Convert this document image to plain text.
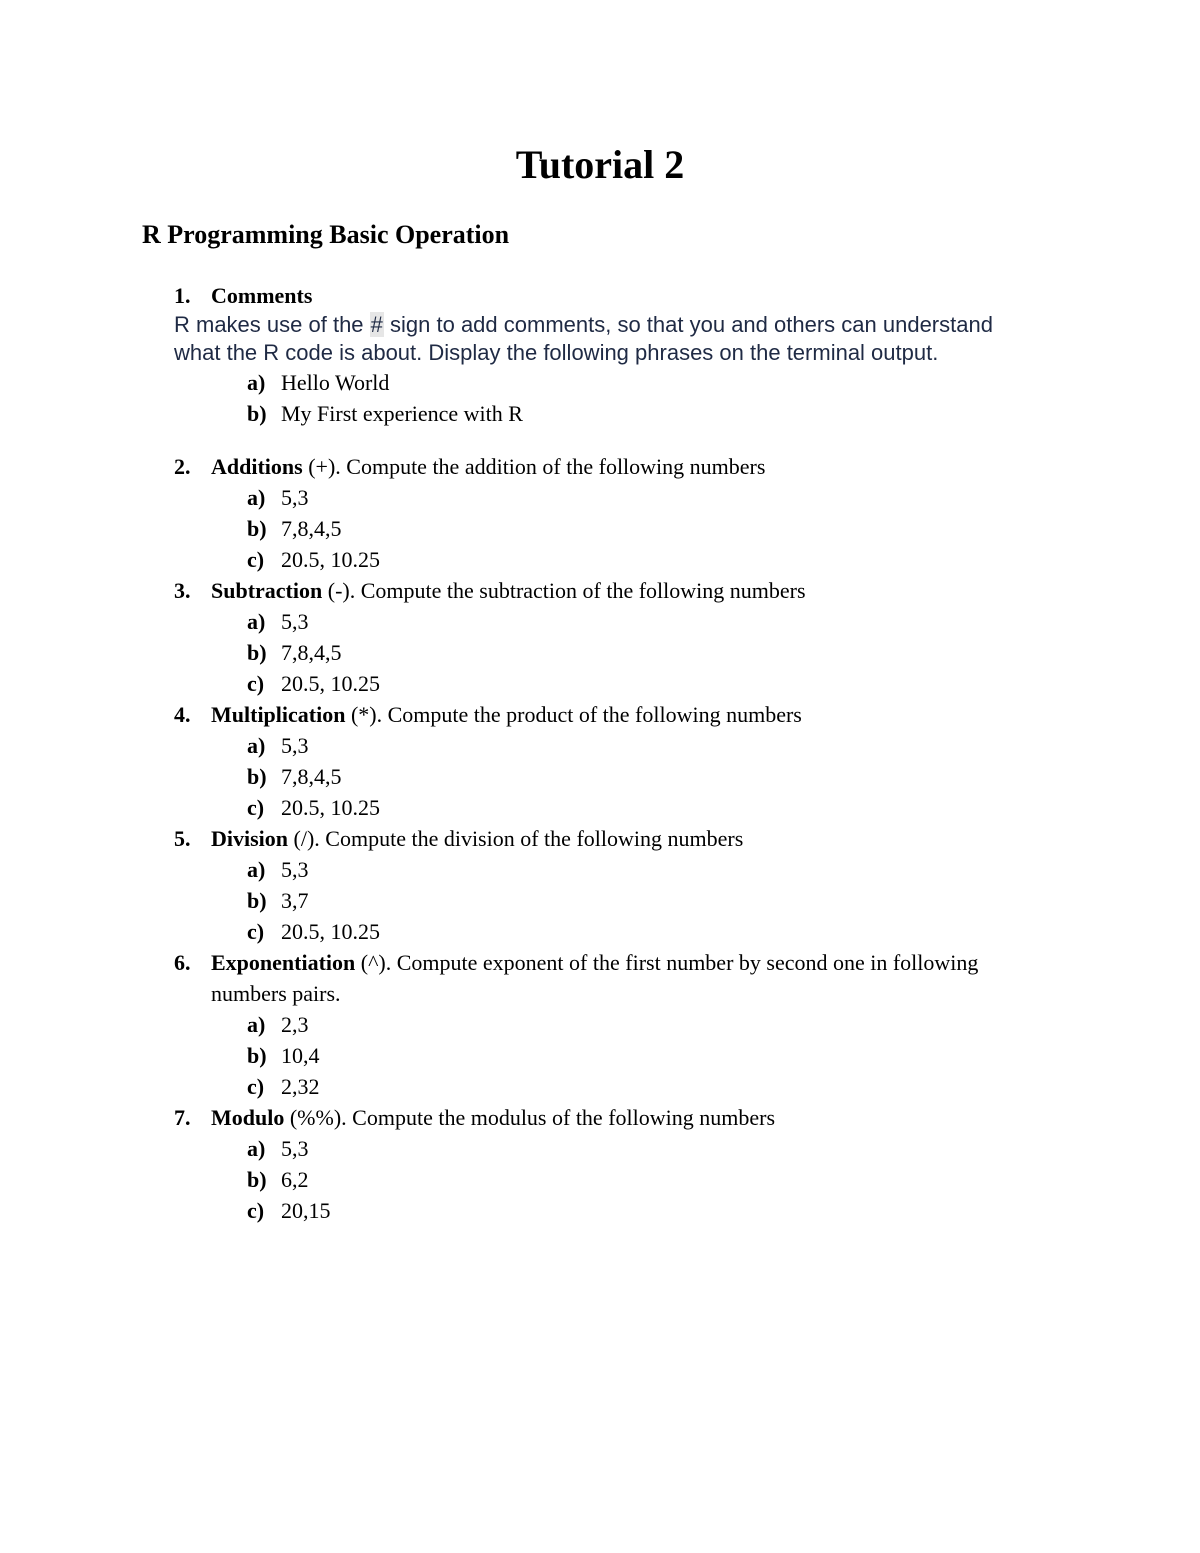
Tutorial 2
R Programming Basic Operation
1. Comments
R makes use of the # sign to add comments, so that you and others can understand
what the R code is about. Display the following phrases on the terminal output.
a) Hello World
b) My First experience with R
2. Additions (+). Compute the addition of the following numbers
a) 5,3
b) 7,8,4,5
c) 20.5, 10.25
3. Subtraction (-). Compute the subtraction of the following numbers
a) 5,3
b) 7,8,4,5
c) 20.5, 10.25
4. Multiplication (*). Compute the product of the following numbers
a) 5,3
b) 7,8,4,5
c) 20.5, 10.25
5. Division (/). Compute the division of the following numbers
a) 5,3
b) 3,7
c) 20.5, 10.25
6. Exponentiation (^). Compute exponent of the first number by second one in following
numbers pairs.
a) 2,3
b) 10,4
c) 2,32
7. Modulo (%%). Compute the modulus of the following numbers
a) 5,3
b) 6,2
c) 20,15
